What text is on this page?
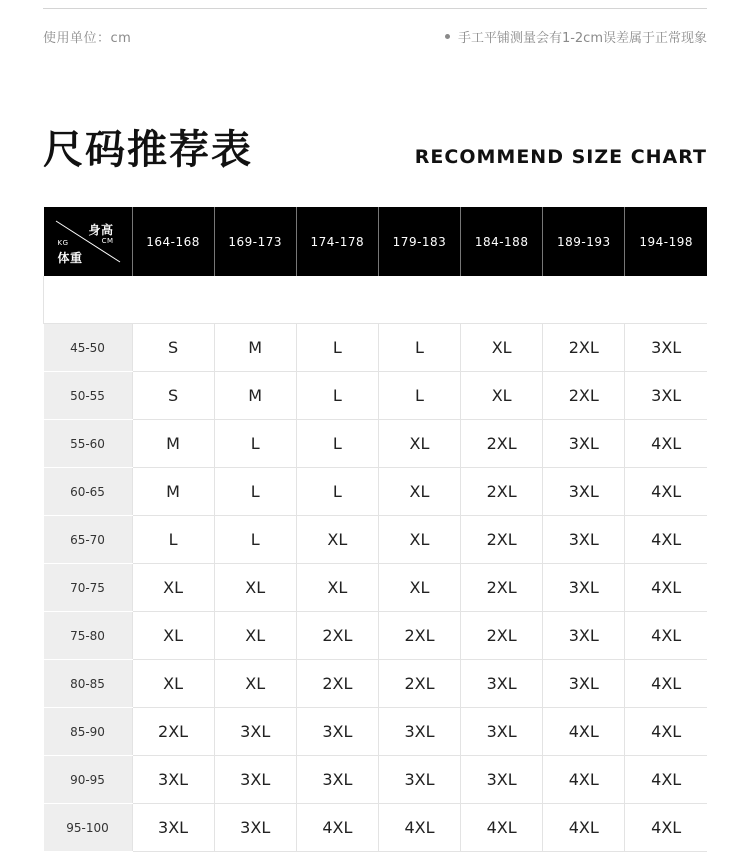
使用单位：cm	手工平铺测量会有1-2cm误差属于正常现象
尺码推荐表	RECOMMEND SIZE CHART
身高
CM
KG
体重	164-168	169-173	174-178	179-183	184-188	189-193	194-198

45-50	S	M	L	L	XL	2XL	3XL
50-55	S	M	L	L	XL	2XL	3XL
55-60	M	L	L	XL	2XL	3XL	4XL
60-65	M	L	L	XL	2XL	3XL	4XL
65-70	L	L	XL	XL	2XL	3XL	4XL
70-75	XL	XL	XL	XL	2XL	3XL	4XL
75-80	XL	XL	2XL	2XL	2XL	3XL	4XL
80-85	XL	XL	2XL	2XL	3XL	3XL	4XL
85-90	2XL	3XL	3XL	3XL	3XL	4XL	4XL
90-95	3XL	3XL	3XL	3XL	3XL	4XL	4XL
95-100	3XL	3XL	4XL	4XL	4XL	4XL	4XL
